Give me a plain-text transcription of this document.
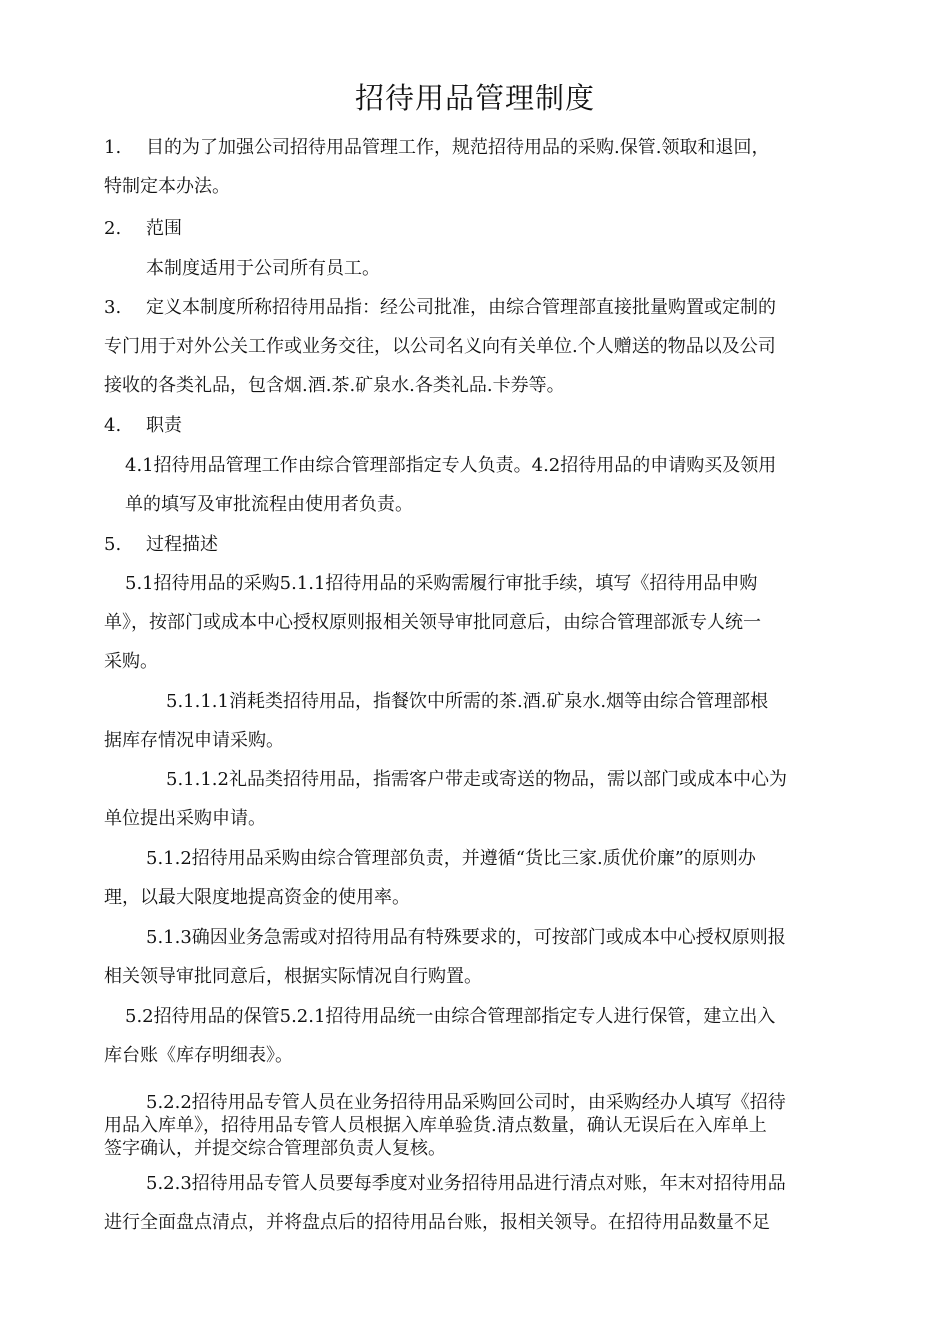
招待用品管理制度
1. 目的为了加强公司招待用品管理工作，规范招待用品的采购.保管.领取和退回，
特制定本办法。
2. 范围
本制度适用于公司所有员工。
3. 定义本制度所称招待用品指：经公司批准，由综合管理部直接批量购置或定制的
专门用于对外公关工作或业务交往，以公司名义向有关单位.个人赠送的物品以及公司
接收的各类礼品，包含烟.酒.茶.矿泉水.各类礼品.卡券等。
4. 职责
4.1招待用品管理工作由综合管理部指定专人负责。4.2招待用品的申请购买及领用
单的填写及审批流程由使用者负责。
5. 过程描述
5.1招待用品的采购5.1.1招待用品的采购需履行审批手续，填写《招待用品申购
单》，按部门或成本中心授权原则报相关领导审批同意后，由综合管理部派专人统一
采购。
5.1.1.1消耗类招待用品，指餐饮中所需的茶.酒.矿泉水.烟等由综合管理部根
据库存情况申请采购。
5.1.1.2礼品类招待用品，指需客户带走或寄送的物品，需以部门或成本中心为
单位提出采购申请。
5.1.2招待用品采购由综合管理部负责，并遵循“货比三家.质优价廉”的原则办
理，以最大限度地提高资金的使用率。
5.1.3确因业务急需或对招待用品有特殊要求的，可按部门或成本中心授权原则报
相关领导审批同意后，根据实际情况自行购置。
5.2招待用品的保管5.2.1招待用品统一由综合管理部指定专人进行保管，建立出入
库台账《库存明细表》。
5.2.2招待用品专管人员在业务招待用品采购回公司时，由采购经办人填写《招待
用品入库单》，招待用品专管人员根据入库单验货.清点数量，确认无误后在入库单上
签字确认，并提交综合管理部负责人复核。
5.2.3招待用品专管人员要每季度对业务招待用品进行清点对账，年末对招待用品
进行全面盘点清点，并将盘点后的招待用品台账，报相关领导。在招待用品数量不足
